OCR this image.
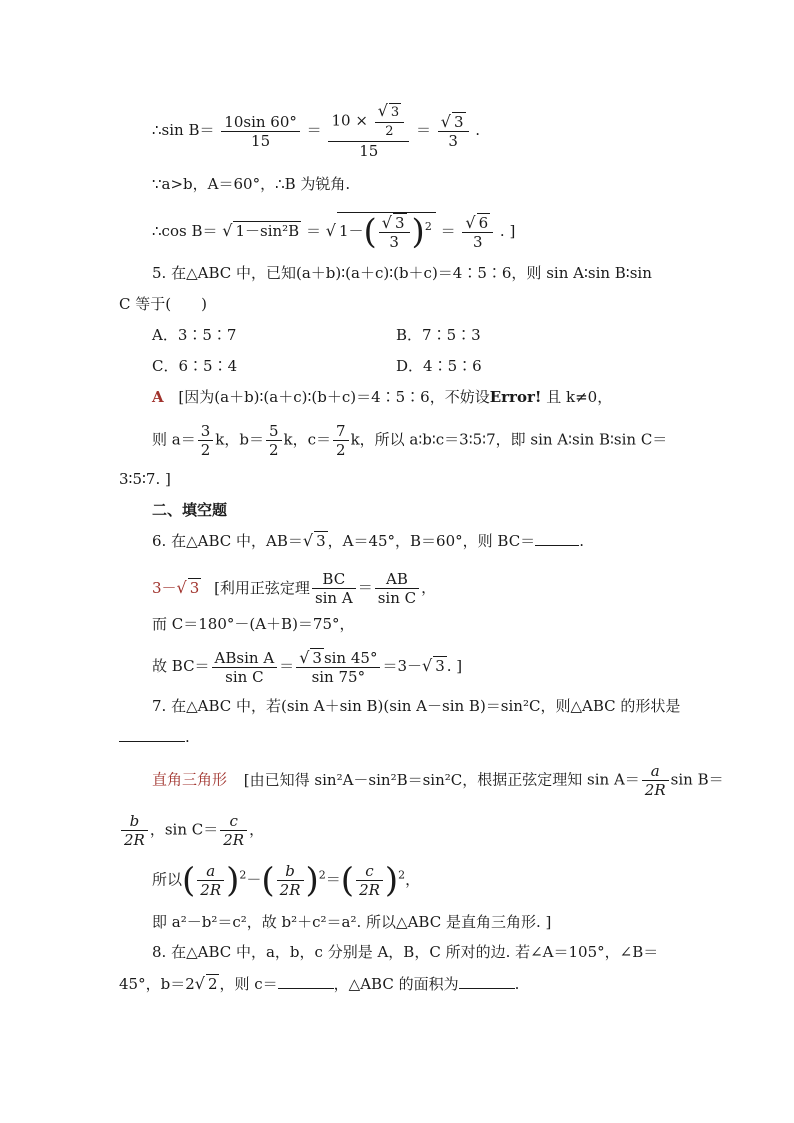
∴sin $B= \frac{10\sin 60^\circ}{15} = \frac{10 \times \frac{√ 3}{2}}{15} = \frac{√ 3}{3}$ .
∵a>b，A＝60°，∴B 为锐角.
∴cos B＝ √ 1－sin²B ＝ √ $1-( \frac{√ 3}{3} )^2 = \frac{√ 6}{3}$ . ]
5. 在△ABC 中，已知(a＋b)∶(a＋c)∶(b＋c)＝4∶5∶6，则 sin A∶sin B∶sin
C 等于(　　)
A．3∶5∶7	B．7∶5∶3
C．6∶5∶4	D．4∶5∶6
A [因为(a＋b)∶(a＋c)∶(b＋c)＝4∶5∶6，不妨设Error! 且 k≠0，
则 $a= \frac{3}{2}$ k，$b= \frac{5}{2}$ k，$c= \frac{7}{2}$ k，所以 a∶b∶c＝3∶5∶7，即 sin A∶sin B∶sin C＝
3∶5∶7. ]
二、填空题
6. 在△ABC 中，AB＝√ 3 ，A＝45°，B＝60°，则 BC＝	.
3－√ 3 [利用正弦定理 $\frac{BC}{\text{sin A}} = \frac{AB}{\text{sin C}}$ ，
而 C＝180°－(A＋B)＝75°，
故 $BC= \frac{\text{ABsin A}}{\text{sin C}} = \frac{√ 3 \sin 45^\circ}{\sin 75^\circ} =3-√$ 3 . ]
7. 在△ABC 中，若(sin A＋sin B)(sin A－sin B)＝sin²C，则△ABC 的形状是
.
直角三角形 [由已知得 sin²A－sin²B＝sin²C，根据正弦定理知 $\sin A= \frac{a}{2R}$ sin B＝
$\frac{b}{2R}$ ，$\sin C= \frac{c}{2R}$ ，
所以( $\frac{a}{2R} )^2-( \frac{b}{2R} )^2=( \frac{c}{2R} )^2$，
即 a²－b²＝c²，故 b²＋c²＝a². 所以△ABC 是直角三角形. ]
8. 在△ABC 中，a，b，c 分别是 A，B，C 所对的边. 若∠A＝105°，∠B＝
45°，b＝2√ 2 ，则 c＝	，△ABC 的面积为	.
